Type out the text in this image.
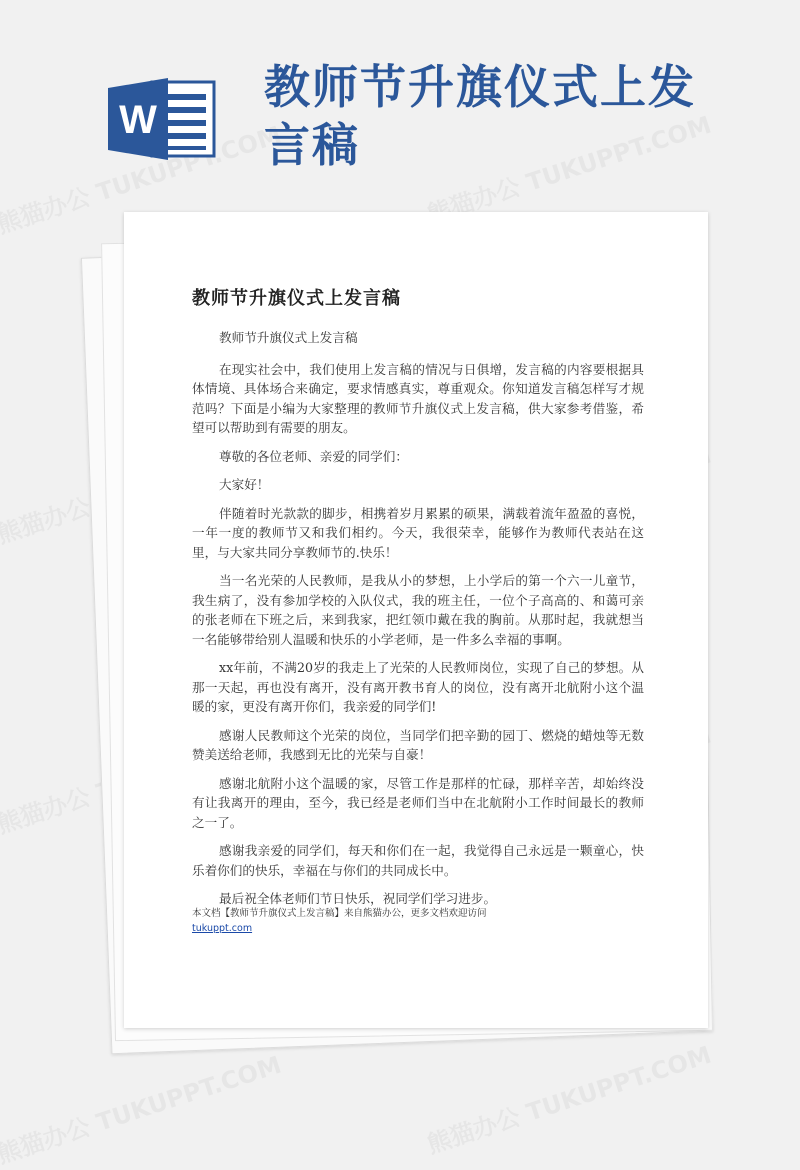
W
教师节升旗仪式上发言稿
教师节升旗仪式上发言稿

教师节升旗仪式上发言稿

在现实社会中，我们使用上发言稿的情况与日俱增，发言稿的内容要根据具体情境、具体场合来确定，要求情感真实，尊重观众。你知道发言稿怎样写才规范吗？下面是小编为大家整理的教师节升旗仪式上发言稿，供大家参考借鉴，希望可以帮助到有需要的朋友。

尊敬的各位老师、亲爱的同学们：

大家好！

伴随着时光款款的脚步，相携着岁月累累的硕果，满载着流年盈盈的喜悦，一年一度的教师节又和我们相约。今天，我很荣幸，能够作为教师代表站在这里，与大家共同分享教师节的.快乐！

当一名光荣的人民教师，是我从小的梦想，上小学后的第一个六一儿童节，我生病了，没有参加学校的入队仪式，我的班主任，一位个子高高的、和蔼可亲的张老师在下班之后，来到我家，把红领巾戴在我的胸前。从那时起，我就想当一名能够带给别人温暖和快乐的小学老师，是一件多么幸福的事啊。

xx年前，不满20岁的我走上了光荣的人民教师岗位，实现了自己的梦想。从那一天起，再也没有离开，没有离开教书育人的岗位，没有离开北航附小这个温暖的家，更没有离开你们，我亲爱的同学们!

感谢人民教师这个光荣的岗位，当同学们把辛勤的园丁、燃烧的蜡烛等无数赞美送给老师，我感到无比的光荣与自豪！

感谢北航附小这个温暖的家，尽管工作是那样的忙碌，那样辛苦，却始终没有让我离开的理由，至今，我已经是老师们当中在北航附小工作时间最长的教师之一了。

感谢我亲爱的同学们，每天和你们在一起，我觉得自己永远是一颗童心，快乐着你们的快乐，幸福在与你们的共同成长中。

最后祝全体老师们节日快乐，祝同学们学习进步。

本文档【教师节升旗仪式上发言稿】来自熊猫办公，更多文档欢迎访问
tukuppt.com
